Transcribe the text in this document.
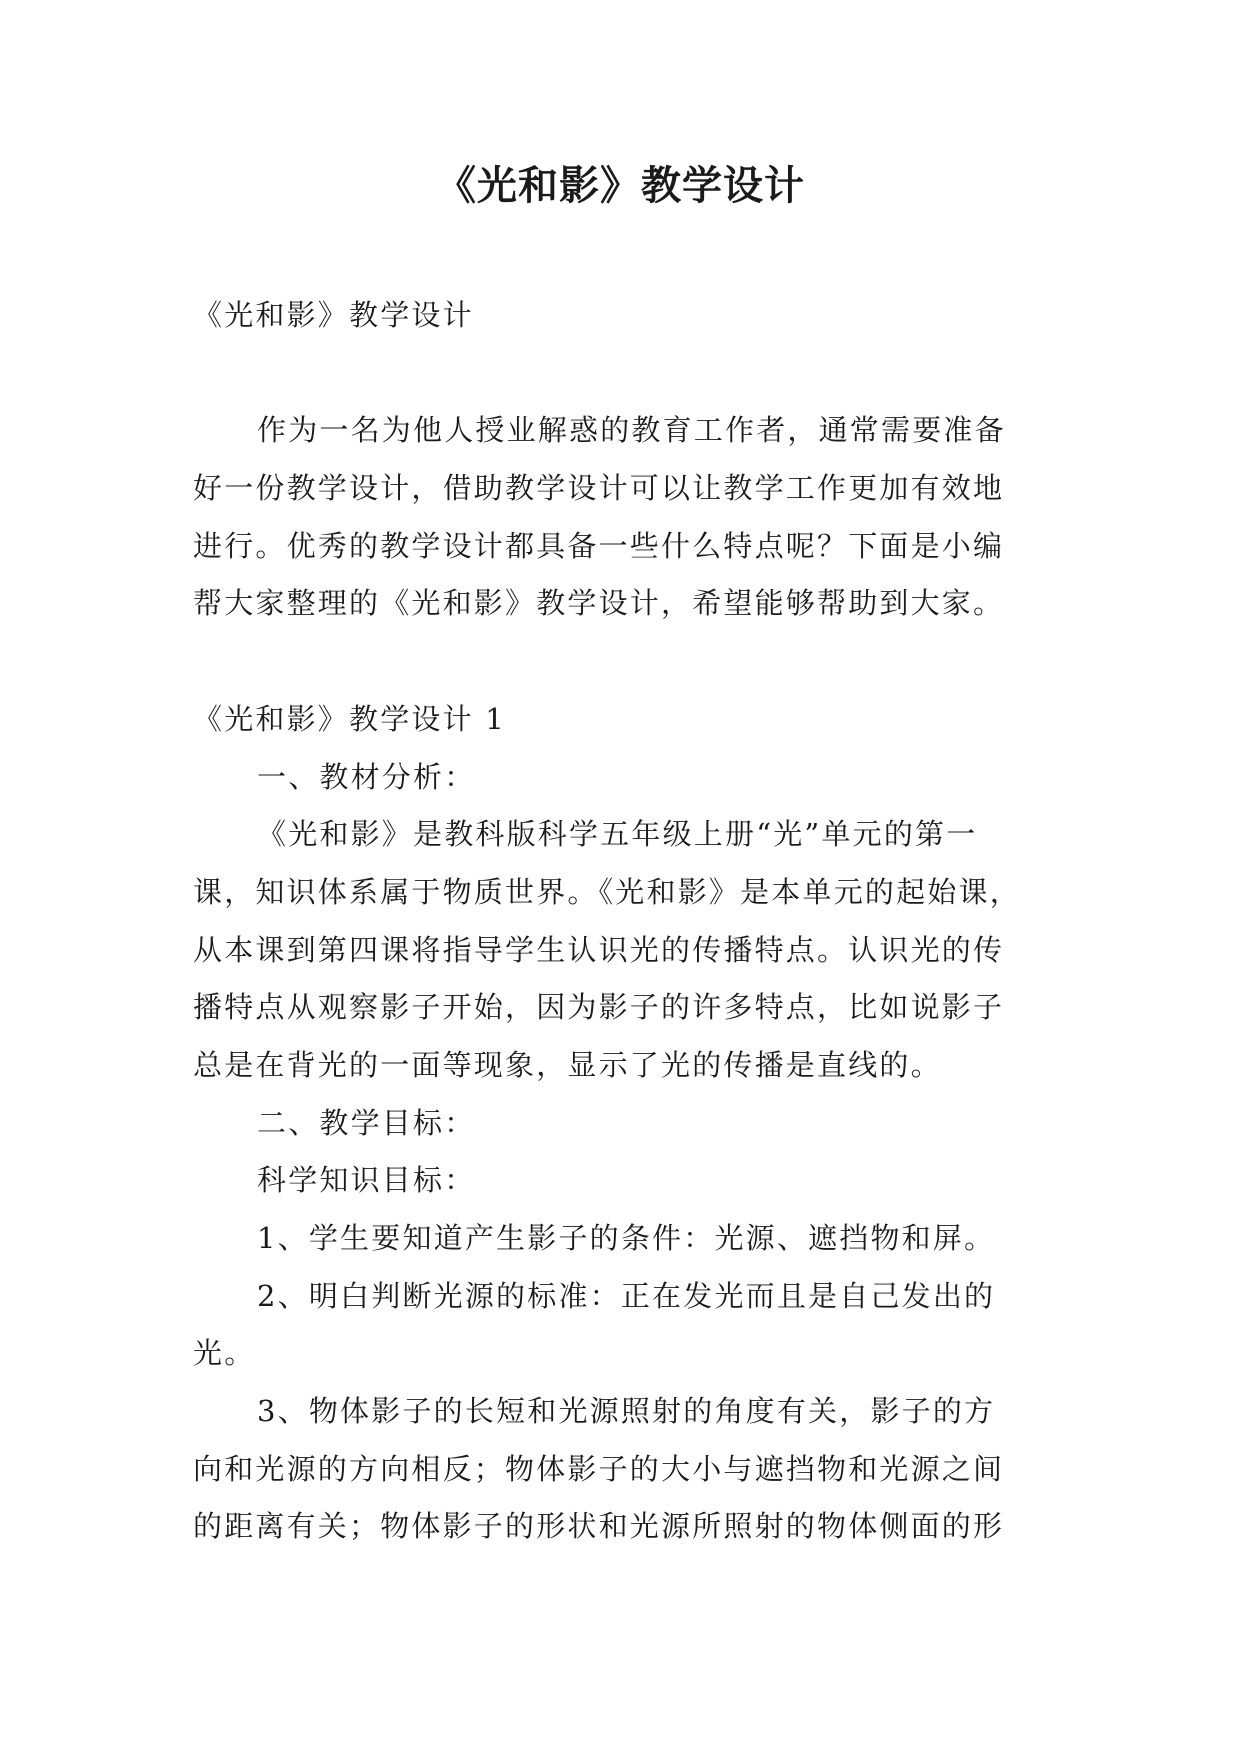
《光和影》教学设计
《光和影》教学设计
作为一名为他人授业解惑的教育工作者，通常需要准备
好一份教学设计，借助教学设计可以让教学工作更加有效地
进行。优秀的教学设计都具备一些什么特点呢？下面是小编
帮大家整理的《光和影》教学设计，希望能够帮助到大家。
《光和影》教学设计 1
一、教材分析：
《光和影》是教科版科学五年级上册“光”单元的第一
课，知识体系属于物质世界。《光和影》是本单元的起始课，
从本课到第四课将指导学生认识光的传播特点。认识光的传
播特点从观察影子开始，因为影子的许多特点，比如说影子
总是在背光的一面等现象，显示了光的传播是直线的。
二、教学目标：
科学知识目标：
1、学生要知道产生影子的条件：光源、遮挡物和屏。
2、明白判断光源的标准：正在发光而且是自己发出的
光。
3、物体影子的长短和光源照射的角度有关，影子的方
向和光源的方向相反；物体影子的大小与遮挡物和光源之间
的距离有关；物体影子的形状和光源所照射的物体侧面的形
